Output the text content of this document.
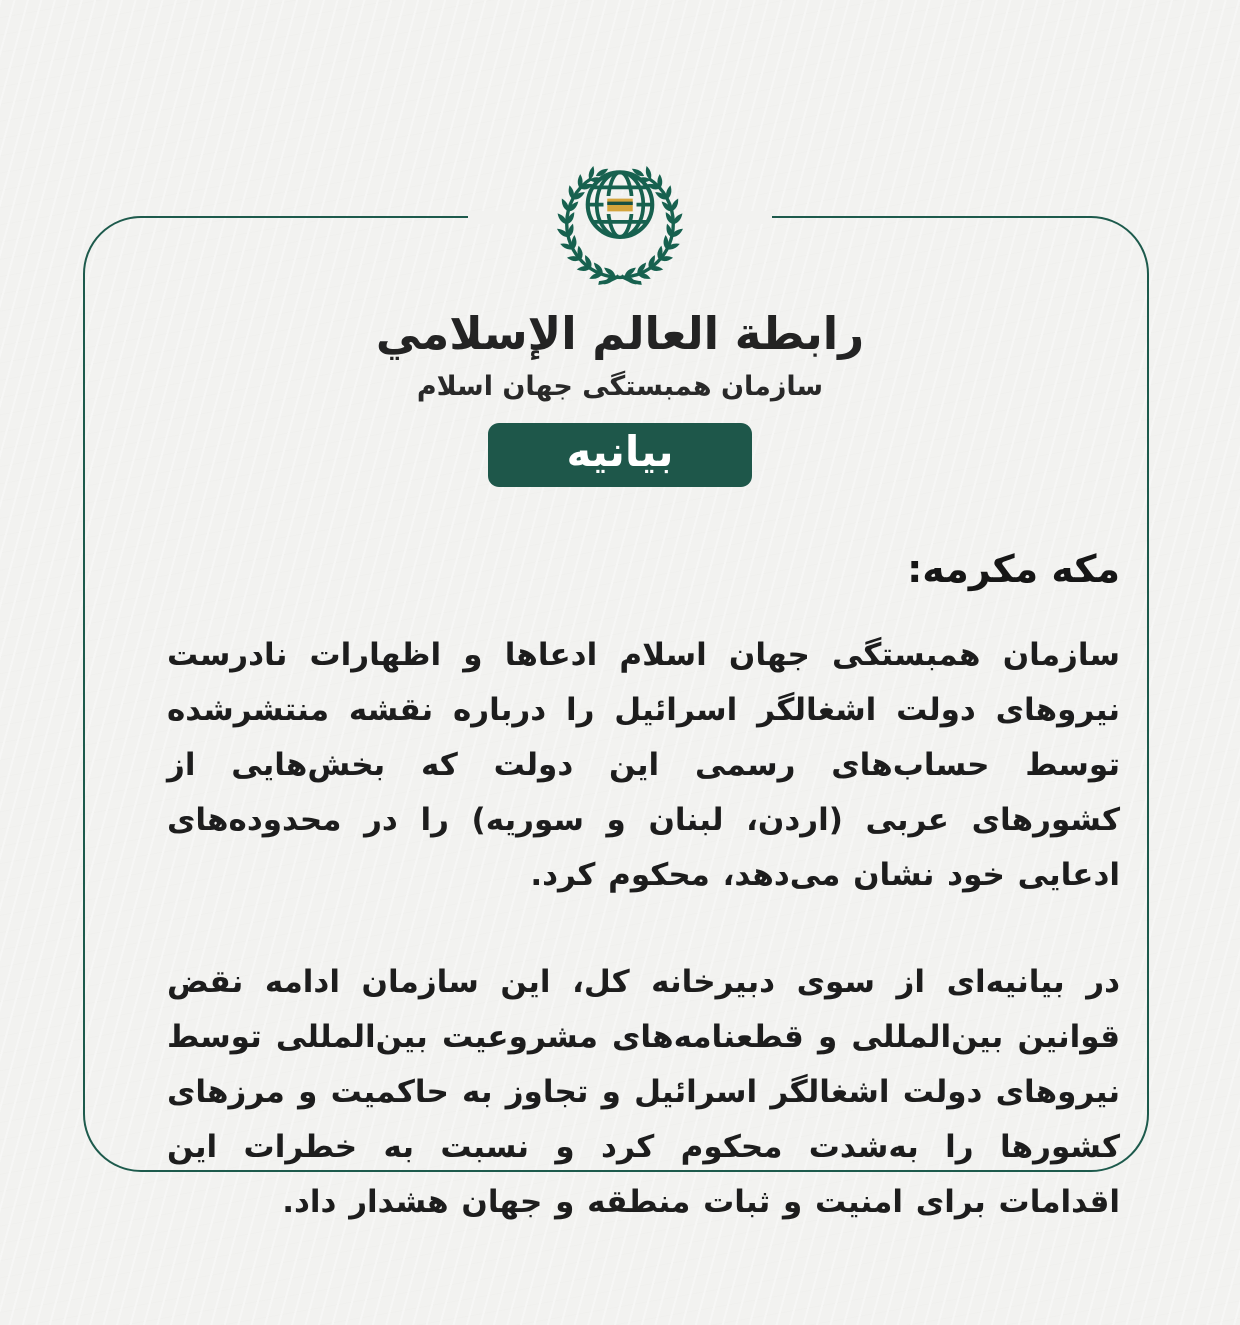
رابطة العالم الإسلامي
سازمان همبستگی جهان اسلام
بیانیه
مکه مکرمه:

سازمان همبستگی جهان اسلام ادعاها و اظهارات نادرست نیروهای دولت اشغالگر اسرائیل را درباره نقشه منتشرشده توسط حساب‌های رسمی این دولت که بخش‌هایی از کشورهای عربی (اردن، لبنان و سوریه) را در محدوده‌های ادعایی خود نشان می‌دهد، محکوم کرد.

در بیانیه‌ای از سوی دبیرخانه کل، این سازمان ادامه نقض قوانین بین‌المللی و قطعنامه‌های مشروعیت بین‌المللی توسط نیروهای دولت اشغالگر اسرائیل و تجاوز به حاکمیت و مرزهای کشورها را به‌شدت محکوم کرد و نسبت به خطرات این اقدامات برای امنیت و ثبات منطقه و جهان هشدار داد.
